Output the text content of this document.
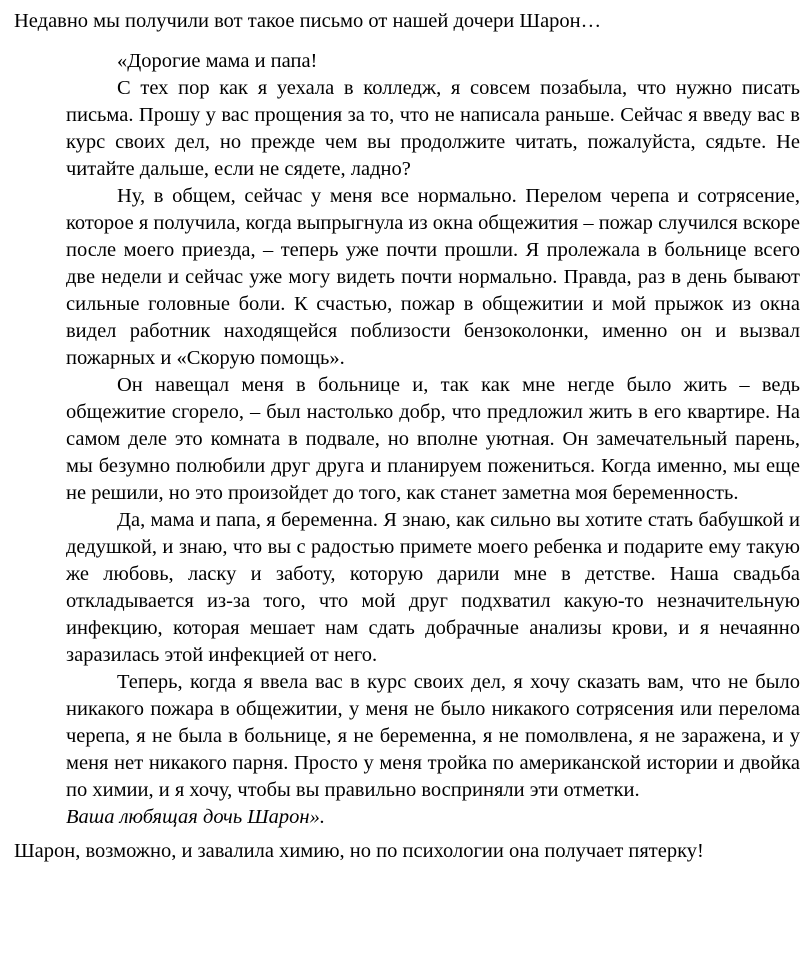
Недавно мы получили вот такое письмо от нашей дочери Шарон…

«Дорогие мама и папа!

С тех пор как я уехала в колледж, я совсем позабыла, что нужно писать письма. Прошу у вас прощения за то, что не написала раньше. Сейчас я введу вас в курс своих дел, но прежде чем вы продолжите читать, пожалуйста, сядьте. Не читайте дальше, если не сядете, ладно?

Ну, в общем, сейчас у меня все нормально. Перелом черепа и сотрясение, которое я получила, когда выпрыгнула из окна общежития – пожар случился вскоре после моего приезда, – теперь уже почти прошли. Я пролежала в больнице всего две недели и сейчас уже могу видеть почти нормально. Правда, раз в день бывают сильные головные боли. К счастью, пожар в общежитии и мой прыжок из окна видел работник находящейся поблизости бензоколонки, именно он и вызвал пожарных и «Скорую помощь».

Он навещал меня в больнице и, так как мне негде было жить – ведь общежитие сгорело, – был настолько добр, что предложил жить в его квартире. На самом деле это комната в подвале, но вполне уютная. Он замечательный парень, мы безумно полюбили друг друга и планируем пожениться. Когда именно, мы еще не решили, но это произойдет до того, как станет заметна моя беременность.

Да, мама и папа, я беременна. Я знаю, как сильно вы хотите стать бабушкой и дедушкой, и знаю, что вы с радостью примете моего ребенка и подарите ему такую же любовь, ласку и заботу, которую дарили мне в детстве. Наша свадьба откладывается из-за того, что мой друг подхватил какую-то незначительную инфекцию, которая мешает нам сдать добрачные анализы крови, и я нечаянно заразилась этой инфекцией от него.

Теперь, когда я ввела вас в курс своих дел, я хочу сказать вам, что не было никакого пожара в общежитии, у меня не было никакого сотрясения или перелома черепа, я не была в больнице, я не беременна, я не помолвлена, я не заражена, и у меня нет никакого парня. Просто у меня тройка по американской истории и двойка по химии, и я хочу, чтобы вы правильно восприняли эти отметки.

Ваша любящая дочь Шарон».

Шарон, возможно, и завалила химию, но по психологии она получает пятерку!
